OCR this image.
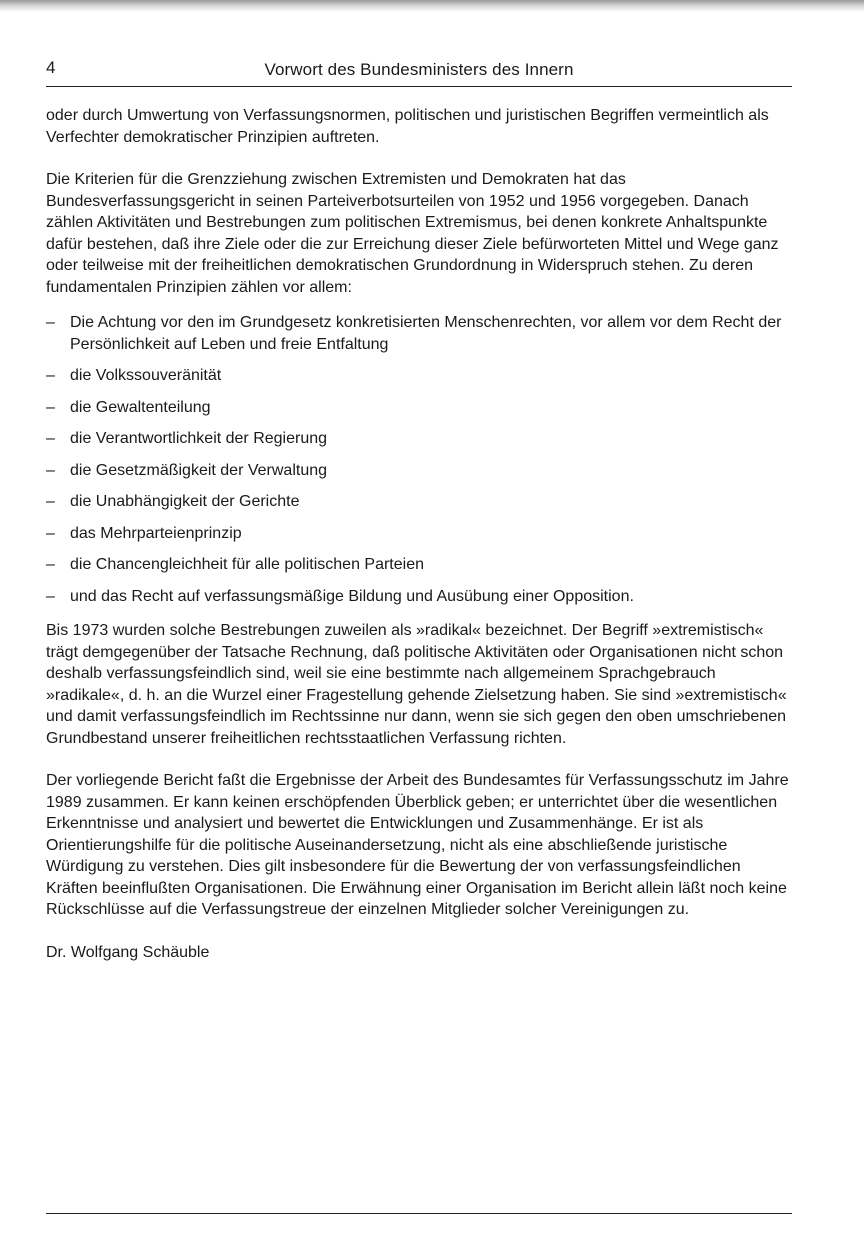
4	Vorwort des Bundesministers des Innern

oder durch Umwertung von Verfassungsnormen, politischen und juristischen Begriffen vermeintlich als Verfechter demokratischer Prinzipien auftreten.

Die Kriterien für die Grenzziehung zwischen Extremisten und Demokraten hat das Bundesverfassungsgericht in seinen Parteiverbotsurteilen von 1952 und 1956 vorgegeben. Danach zählen Aktivitäten und Bestrebungen zum politischen Extremismus, bei denen konkrete Anhaltspunkte dafür bestehen, daß ihre Ziele oder die zur Erreichung dieser Ziele befürworteten Mittel und Wege ganz oder teilweise mit der freiheitlichen demokratischen Grundordnung in Widerspruch stehen. Zu deren fundamentalen Prinzipien zählen vor allem:

– Die Achtung vor den im Grundgesetz konkretisierten Menschenrechten, vor allem vor dem Recht der Persönlichkeit auf Leben und freie Entfaltung
– die Volkssouveränität
– die Gewaltenteilung
– die Verantwortlichkeit der Regierung
– die Gesetzmäßigkeit der Verwaltung
– die Unabhängigkeit der Gerichte
– das Mehrparteienprinzip
– die Chancengleichheit für alle politischen Parteien
– und das Recht auf verfassungsmäßige Bildung und Ausübung einer Opposition.

Bis 1973 wurden solche Bestrebungen zuweilen als »radikal« bezeichnet. Der Begriff »extremistisch« trägt demgegenüber der Tatsache Rechnung, daß politische Aktivitäten oder Organisationen nicht schon deshalb verfassungsfeindlich sind, weil sie eine bestimmte nach allgemeinem Sprachgebrauch »radikale«, d. h. an die Wurzel einer Fragestellung gehende Zielsetzung haben. Sie sind »extremistisch« und damit verfassungsfeindlich im Rechtssinne nur dann, wenn sie sich gegen den oben umschriebenen Grundbestand unserer freiheitlichen rechtsstaatlichen Verfassung richten.

Der vorliegende Bericht faßt die Ergebnisse der Arbeit des Bundesamtes für Verfassungsschutz im Jahre 1989 zusammen. Er kann keinen erschöpfenden Überblick geben; er unterrichtet über die wesentlichen Erkenntnisse und analysiert und bewertet die Entwicklungen und Zusammenhänge. Er ist als Orientierungshilfe für die politische Auseinandersetzung, nicht als eine abschließende juristische Würdigung zu verstehen. Dies gilt insbesondere für die Bewertung der von verfassungsfeindlichen Kräften beeinflußten Organisationen. Die Erwähnung einer Organisation im Bericht allein läßt noch keine Rückschlüsse auf die Verfassungstreue der einzelnen Mitglieder solcher Vereinigungen zu.

Dr. Wolfgang Schäuble
